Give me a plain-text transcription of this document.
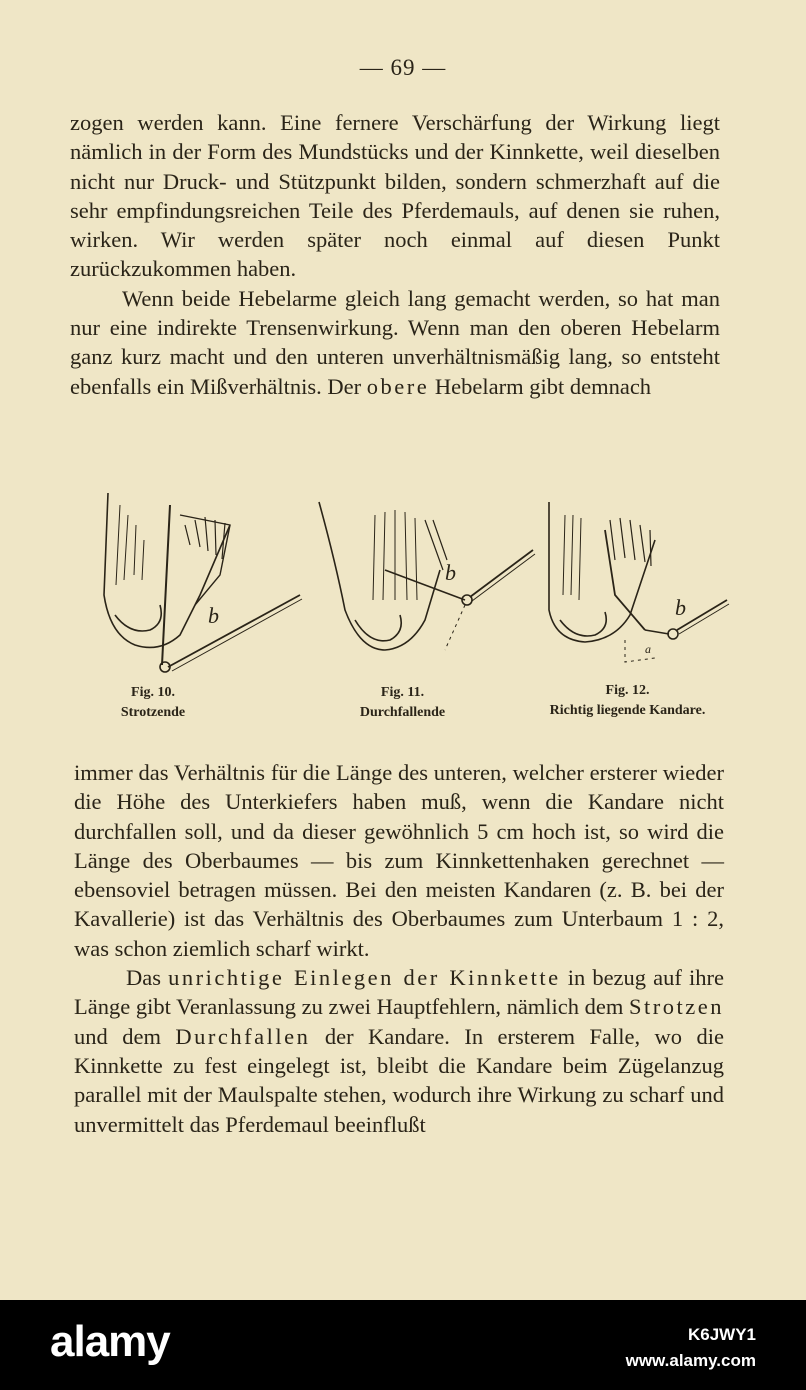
— 69 —

zogen werden kann. Eine fernere Verschärfung der Wirkung liegt nämlich in der Form des Mundstücks und der Kinnkette, weil dieselben nicht nur Druck- und Stützpunkt bilden, sondern schmerzhaft auf die sehr empfindungsreichen Teile des Pferdemauls, auf denen sie ruhen, wirken. Wir werden später noch einmal auf diesen Punkt zurückzukommen haben.

Wenn beide Hebelarme gleich lang gemacht werden, so hat man nur eine indirekte Trensenwirkung. Wenn man den oberen Hebelarm ganz kurz macht und den unteren unverhältnismäßig lang, so entsteht ebenfalls ein Mißverhältnis. Der obere Hebelarm gibt demnach

b
Fig. 10.
Strotzende
b
Fig. 11.
Durchfallende
b
a
Fig. 12.
Richtig liegende Kandare.

immer das Verhältnis für die Länge des unteren, welcher ersterer wieder die Höhe des Unterkiefers haben muß, wenn die Kandare nicht durchfallen soll, und da dieser gewöhnlich 5 cm hoch ist, so wird die Länge des Oberbaumes — bis zum Kinnkettenhaken gerechnet — ebensoviel betragen müssen. Bei den meisten Kandaren (z. B. bei der Kavallerie) ist das Verhältnis des Oberbaumes zum Unterbaum 1 : 2, was schon ziemlich scharf wirkt.

Das unrichtige Einlegen der Kinnkette in bezug auf ihre Länge gibt Veranlassung zu zwei Hauptfehlern, nämlich dem Strotzen und dem Durchfallen der Kandare. In ersterem Falle, wo die Kinnkette zu fest eingelegt ist, bleibt die Kandare beim Zügelanzug parallel mit der Maulspalte stehen, wodurch ihre Wirkung zu scharf und unvermittelt das Pferdemaul beeinflußt

alamy	K6JWY1
www.alamy.com
